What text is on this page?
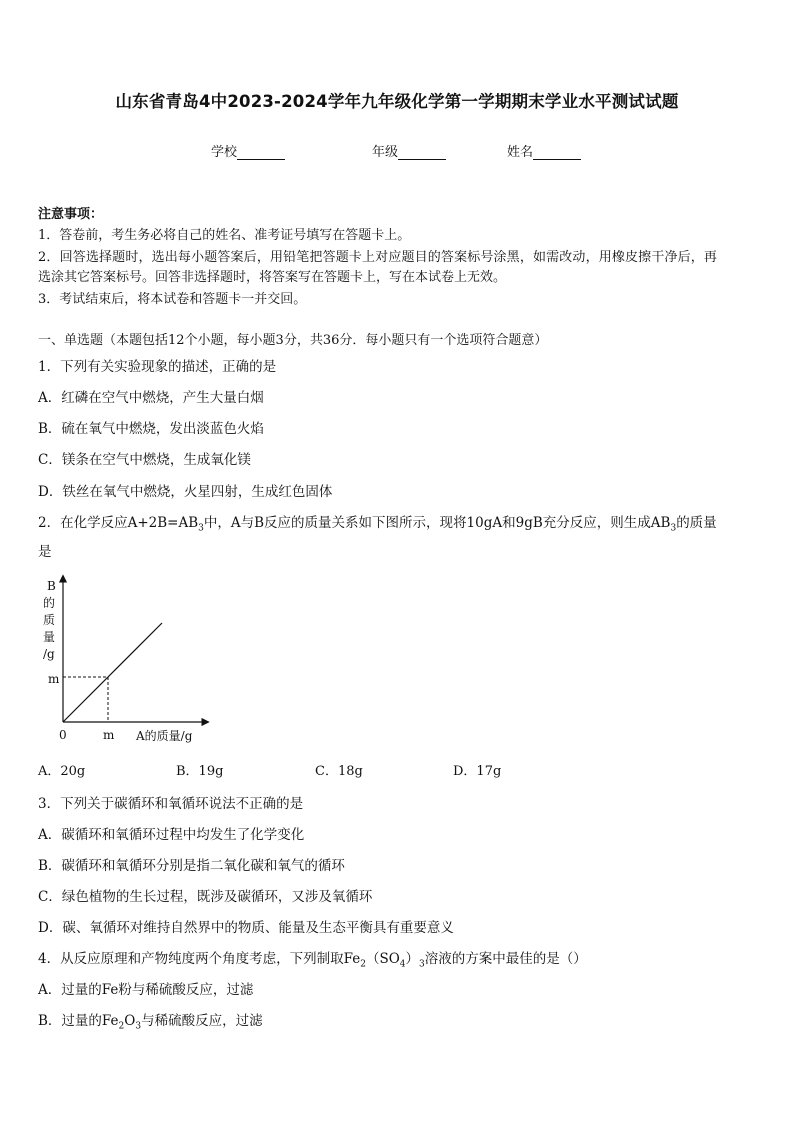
山东省青岛4中2023-2024学年九年级化学第一学期期末学业水平测试试题
学校	年级	姓名
注意事项：
1．答卷前，考生务必将自己的姓名、准考证号填写在答题卡上。
2．回答选择题时，选出每小题答案后，用铅笔把答题卡上对应题目的答案标号涂黑，如需改动，用橡皮擦干净后，再
选涂其它答案标号。回答非选择题时，将答案写在答题卡上，写在本试卷上无效。
3．考试结束后，将本试卷和答题卡一并交回。
一、单选题（本题包括12个小题，每小题3分，共36分．每小题只有一个选项符合题意）
1．下列有关实验现象的描述，正确的是
A．红磷在空气中燃烧，产生大量白烟
B．硫在氧气中燃烧，发出淡蓝色火焰
C．镁条在空气中燃烧，生成氧化镁
D．铁丝在氧气中燃烧，火星四射，生成红色固体
2．在化学反应$A+2B=AB_3$中，A与B反应的质量关系如下图所示，现将10gA和9gB充分反应，则生成$AB_3$的质量
是
B
的
质
量
/g
m
0	m A的质量/g
A．20g	B．19g	C．18g	D．17g
3．下列关于碳循环和氧循环说法不正确的是
A．碳循环和氧循环过程中均发生了化学变化
B．碳循环和氧循环分别是指二氧化碳和氧气的循环
C．绿色植物的生长过程，既涉及碳循环，又涉及氧循环
D．碳、氧循环对维持自然界中的物质、能量及生态平衡具有重要意义
4．从反应原理和产物纯度两个角度考虑，下列制取$Fe_2(SO_4)_3$溶液的方案中最佳的是（）
A．过量的Fe粉与稀硫酸反应，过滤
B．过量的$Fe_2O_3$与稀硫酸反应，过滤
